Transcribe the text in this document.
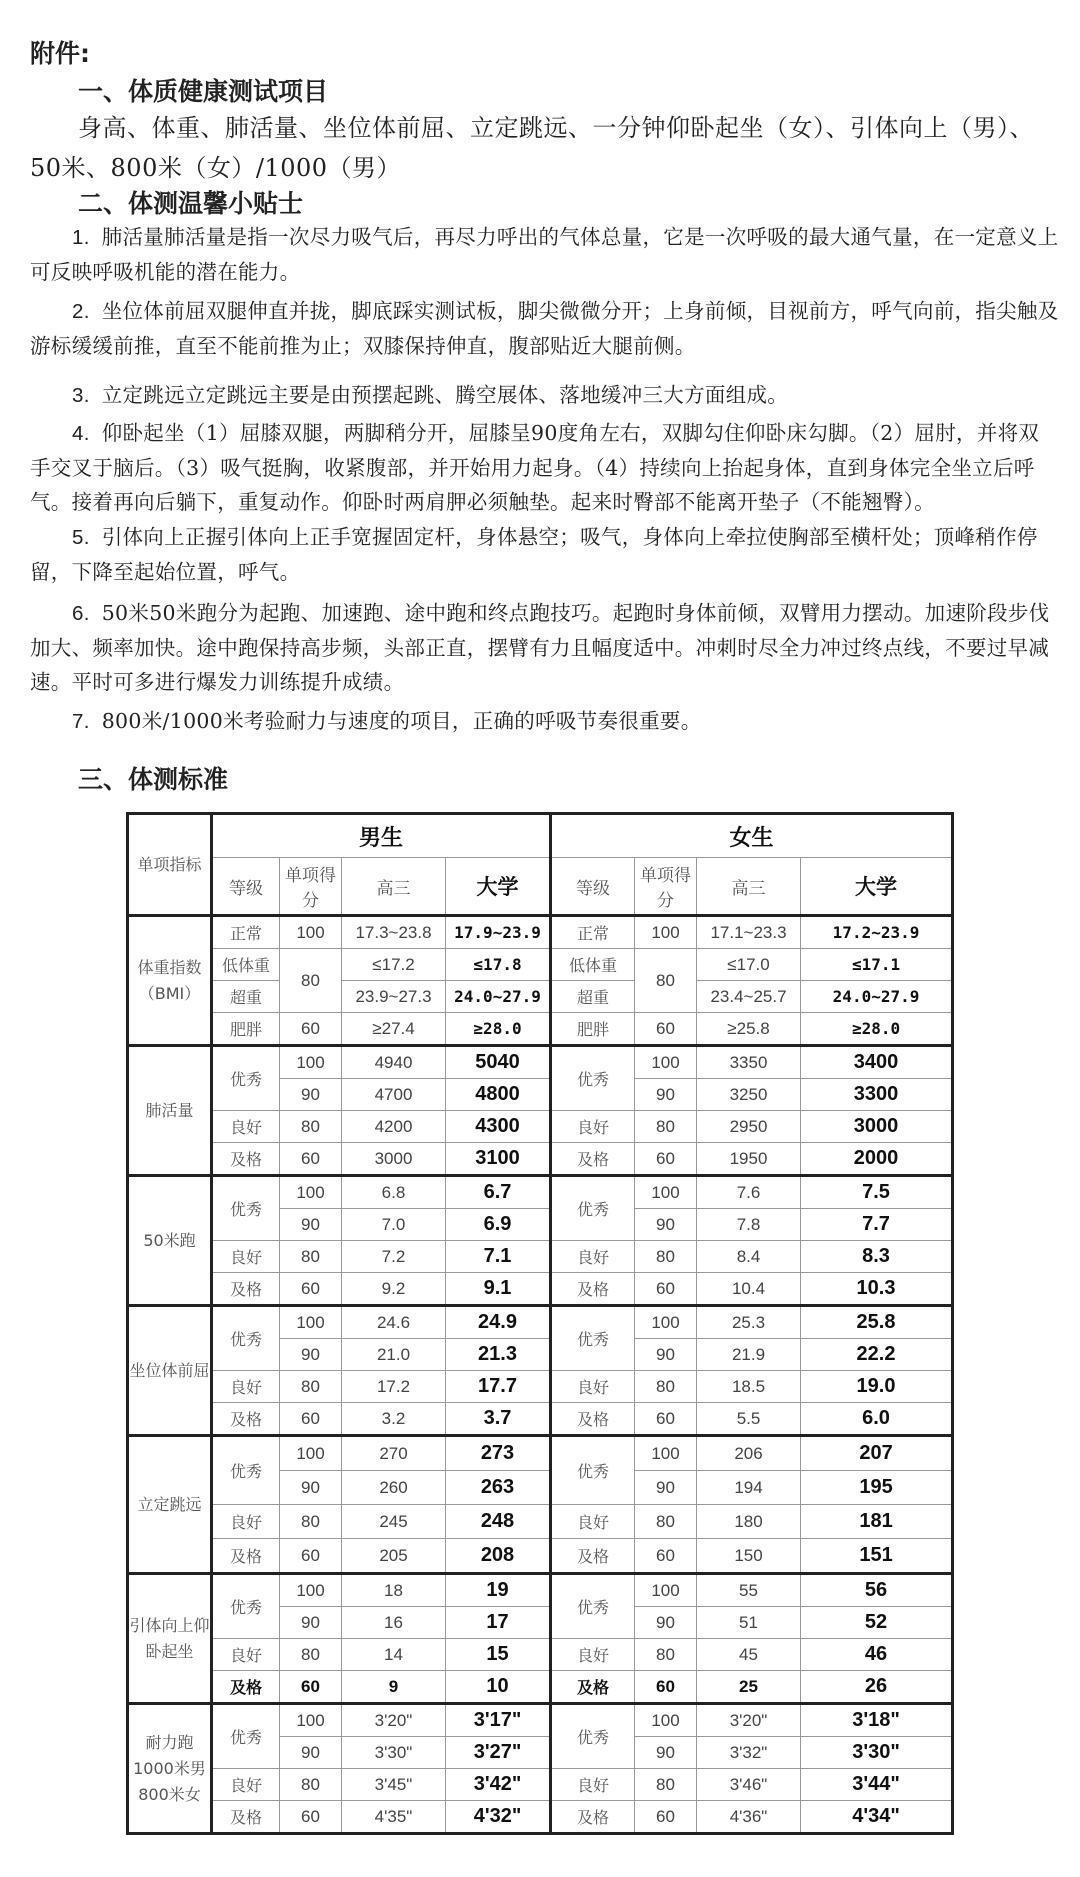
附件:
一、体质健康测试项目
身高、体重、肺活量、坐位体前屈、立定跳远、一分钟仰卧起坐（女）、引体向上（男）、50米、800米（女）/1000（男）
二、体测温馨小贴士
1. 肺活量肺活量是指一次尽力吸气后，再尽力呼出的气体总量，它是一次呼吸的最大通气量，在一定意义上可反映呼吸机能的潜在能力。
2. 坐位体前屈双腿伸直并拢，脚底踩实测试板，脚尖微微分开；上身前倾，目视前方，呼气向前，指尖触及游标缓缓前推，直至不能前推为止；双膝保持伸直，腹部贴近大腿前侧。
3. 立定跳远立定跳远主要是由预摆起跳、腾空展体、落地缓冲三大方面组成。
4. 仰卧起坐（1）屈膝双腿，两脚稍分开，屈膝呈90度角左右，双脚勾住仰卧床勾脚。（2）屈肘，并将双手交叉于脑后。（3）吸气挺胸，收紧腹部，并开始用力起身。（4）持续向上抬起身体，直到身体完全坐立后呼气。接着再向后躺下，重复动作。仰卧时两肩胛必须触垫。起来时臀部不能离开垫子（不能翘臀）。
5. 引体向上正握引体向上正手宽握固定杆，身体悬空；吸气，身体向上牵拉使胸部至横杆处；顶峰稍作停留，下降至起始位置，呼气。
6. 50米50米跑分为起跑、加速跑、途中跑和终点跑技巧。起跑时身体前倾，双臂用力摆动。加速阶段步伐加大、频率加快。途中跑保持高步频，头部正直，摆臂有力且幅度适中。冲刺时尽全力冲过终点线，不要过早减速。平时可多进行爆发力训练提升成绩。
7. 800米/1000米考验耐力与速度的项目，正确的呼吸节奏很重要。
三、体测标准
单项指标	男生				女生			
	等级	单项得分	高三	大学	等级	单项得分	高三	大学
体重指数（BMI）	正常	100	17.3~23.8	17.9~23.9	正常	100	17.1~23.3	17.2~23.9
	低体重	80	≤17.2	≤17.8	低体重	80	≤17.0	≤17.1
	超重		23.9~27.3	24.0~27.9	超重		23.4~25.7	24.0~27.9
	肥胖	60	≥27.4	≥28.0	肥胖	60	≥25.8	≥28.0
肺活量	优秀	100	4940	5040	优秀	100	3350	3400
		90	4700	4800		90	3250	3300
	良好	80	4200	4300	良好	80	2950	3000
	及格	60	3000	3100	及格	60	1950	2000
50米跑	优秀	100	6.8	6.7	优秀	100	7.6	7.5
		90	7.0	6.9		90	7.8	7.7
	良好	80	7.2	7.1	良好	80	8.4	8.3
	及格	60	9.2	9.1	及格	60	10.4	10.3
坐位体前屈	优秀	100	24.6	24.9	优秀	100	25.3	25.8
		90	21.0	21.3		90	21.9	22.2
	良好	80	17.2	17.7	良好	80	18.5	19.0
	及格	60	3.2	3.7	及格	60	5.5	6.0
立定跳远	优秀	100	270	273	优秀	100	206	207
		90	260	263		90	194	195
	良好	80	245	248	良好	80	180	181
	及格	60	205	208	及格	60	150	151
引体向上仰卧起坐	优秀	100	18	19	优秀	100	55	56
		90	16	17		90	51	52
	良好	80	14	15	良好	80	45	46
	及格	60	9	10	及格	60	25	26
耐力跑1000米男800米女	优秀	100	3'20"	3'17"	优秀	100	3'20"	3'18"
		90	3'30"	3'27"		90	3'32"	3'30"
	良好	80	3'45"	3'42"	良好	80	3'46"	3'44"
	及格	60	4'35"	4'32"	及格	60	4'36"	4'34"
